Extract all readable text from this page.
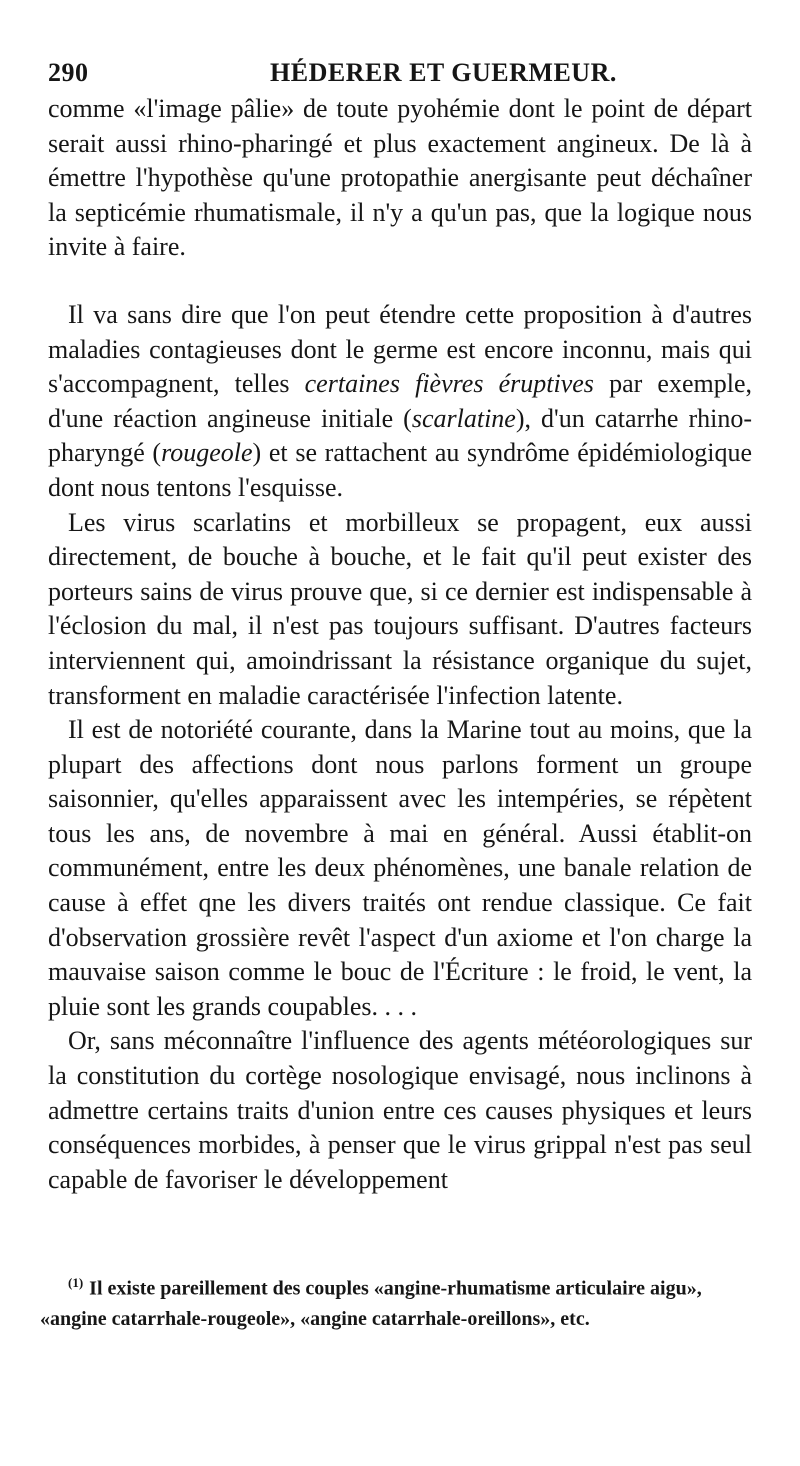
290	HÉDERER ET GUERMEUR.

comme «l'image pâlie» de toute pyohémie dont le point de départ serait aussi rhino-pharingé et plus exactement angineux. De là à émettre l'hypothèse qu'une protopathie anergisante peut déchaîner la septicémie rhumatismale, il n'y a qu'un pas, que la logique nous invite à faire.

Il va sans dire que l'on peut étendre cette proposition à d'autres maladies contagieuses dont le germe est encore inconnu, mais qui s'accompagnent, telles certaines fièvres éruptives par exemple, d'une réaction angineuse initiale (scarlatine), d'un catarrhe rhino-pharyngé (rougeole) et se rattachent au syndrôme épidémiologique dont nous tentons l'esquisse.

Les virus scarlatins et morbilleux se propagent, eux aussi directement, de bouche à bouche, et le fait qu'il peut exister des porteurs sains de virus prouve que, si ce dernier est indispensable à l'éclosion du mal, il n'est pas toujours suffisant. D'autres facteurs interviennent qui, amoindrissant la résistance organique du sujet, transforment en maladie caractérisée l'infection latente.

Il est de notoriété courante, dans la Marine tout au moins, que la plupart des affections dont nous parlons forment un groupe saisonnier, qu'elles apparaissent avec les intempéries, se répètent tous les ans, de novembre à mai en général. Aussi établit-on communément, entre les deux phénomènes, une banale relation de cause à effet qne les divers traités ont rendue classique. Ce fait d'observation grossière revêt l'aspect d'un axiome et l'on charge la mauvaise saison comme le bouc de l'Écriture : le froid, le vent, la pluie sont les grands coupables. . . .

Or, sans méconnaître l'influence des agents météorologiques sur la constitution du cortège nosologique envisagé, nous inclinons à admettre certains traits d'union entre ces causes physiques et leurs conséquences morbides, à penser que le virus grippal n'est pas seul capable de favoriser le développement

$^{(1)}$ Il existe pareillement des couples «angine-rhumatisme articulaire aigu», «angine catarrhale-rougeole», «angine catarrhale-oreillons», etc.
